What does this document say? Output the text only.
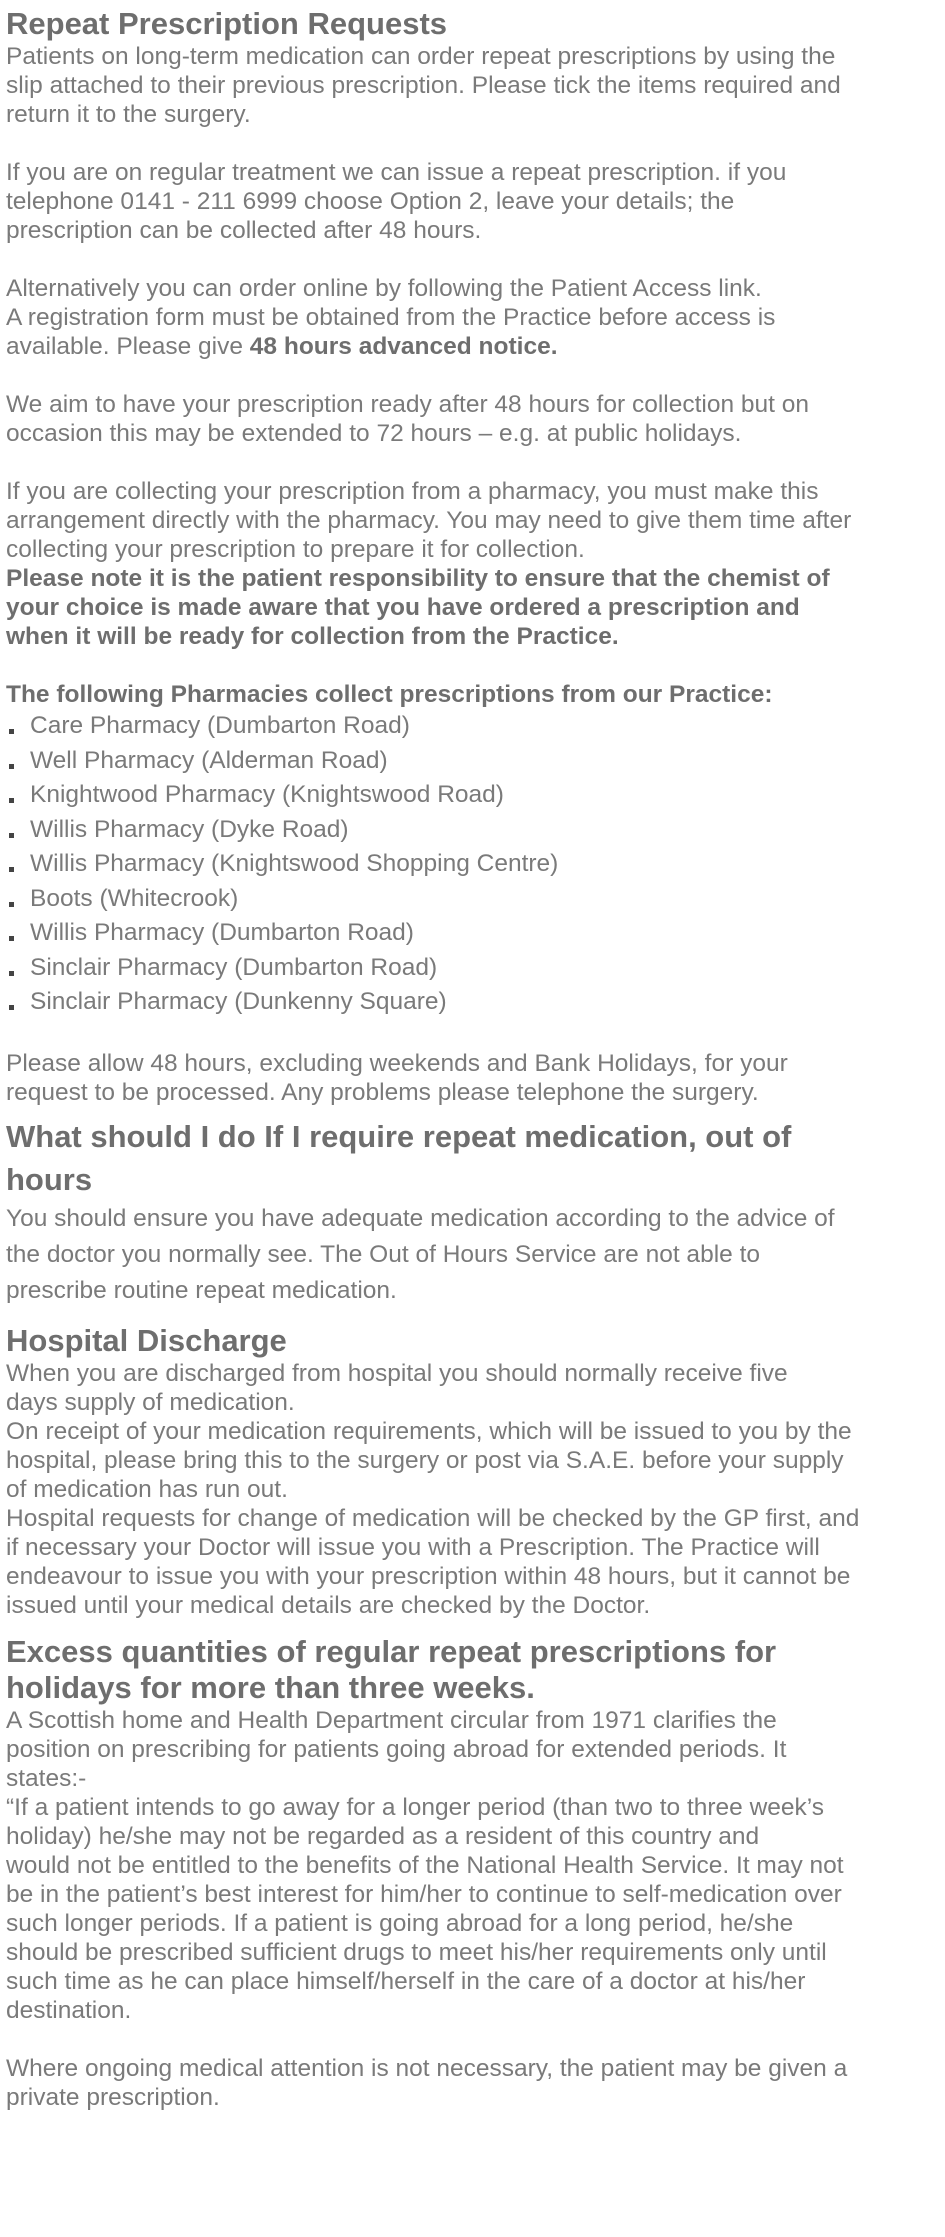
Repeat Prescription Requests

Patients on long-term medication can order repeat prescriptions by using the

slip attached to their previous prescription. Please tick the items required and

return it to the surgery.

If you are on regular treatment we can issue a repeat prescription. if you

telephone 0141 - 211 6999 choose Option 2, leave your details; the

prescription can be collected after 48 hours.

Alternatively you can order online by following the Patient Access link.

A registration form must be obtained from the Practice before access is

available. Please give 48 hours advanced notice.

We aim to have your prescription ready after 48 hours for collection but on

occasion this may be extended to 72 hours – e.g. at public holidays.

If you are collecting your prescription from a pharmacy, you must make this

arrangement directly with the pharmacy. You may need to give them time after

collecting your prescription to prepare it for collection.

Please note it is the patient responsibility to ensure that the chemist of

your choice is made aware that you have ordered a prescription and

when it will be ready for collection from the Practice.

The following Pharmacies collect prescriptions from our Practice:

Care Pharmacy (Dumbarton Road)
Well Pharmacy (Alderman Road)
Knightwood Pharmacy (Knightswood Road)
Willis Pharmacy (Dyke Road)
Willis Pharmacy (Knightswood Shopping Centre)
Boots (Whitecrook)
Willis Pharmacy (Dumbarton Road)
Sinclair Pharmacy (Dumbarton Road)
Sinclair Pharmacy (Dunkenny Square)

Please allow 48 hours, excluding weekends and Bank Holidays, for your

request to be processed. Any problems please telephone the surgery.

What should I do If I require repeat medication, out of
hours

You should ensure you have adequate medication according to the advice of

the doctor you normally see. The Out of Hours Service are not able to

prescribe routine repeat medication.

Hospital Discharge

When you are discharged from hospital you should normally receive five

days supply of medication.

On receipt of your medication requirements, which will be issued to you by the

hospital, please bring this to the surgery or post via S.A.E. before your supply

of medication has run out.

Hospital requests for change of medication will be checked by the GP first, and

if necessary your Doctor will issue you with a Prescription. The Practice will

endeavour to issue you with your prescription within 48 hours, but it cannot be

issued until your medical details are checked by the Doctor.

Excess quantities of regular repeat prescriptions for
holidays for more than three weeks.

A Scottish home and Health Department circular from 1971 clarifies the

position on prescribing for patients going abroad for extended periods. It

states:-

“If a patient intends to go away for a longer period (than two to three week’s

holiday) he/she may not be regarded as a resident of this country and

would not be entitled to the benefits of the National Health Service. It may not

be in the patient’s best interest for him/her to continue to self-medication over

such longer periods. If a patient is going abroad for a long period, he/she

should be prescribed sufficient drugs to meet his/her requirements only until

such time as he can place himself/herself in the care of a doctor at his/her

destination.

Where ongoing medical attention is not necessary, the patient may be given a

private prescription.
